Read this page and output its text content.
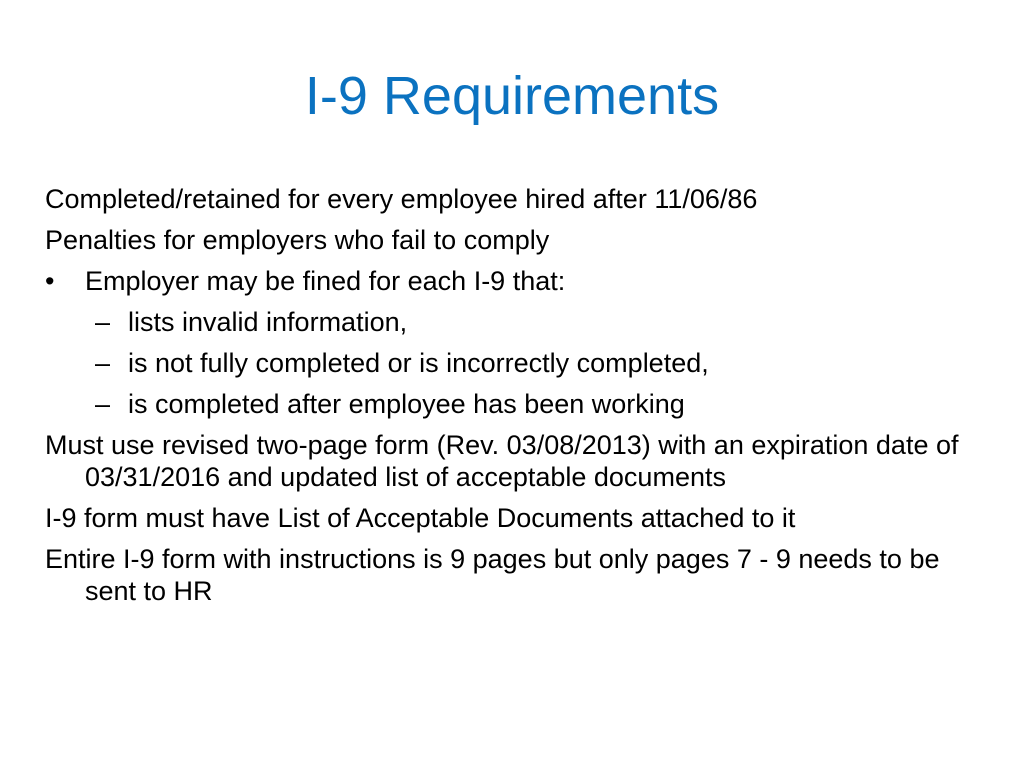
I-9 Requirements
Completed/retained for every employee hired after 11/06/86
Penalties for employers who fail to comply
• Employer may be fined for each I-9 that:
– lists invalid information,
– is not fully completed or is incorrectly completed,
– is completed after employee has been working
Must use revised two-page form (Rev. 03/08/2013) with an expiration date of 03/31/2016 and updated list of acceptable documents
I-9 form must have List of Acceptable Documents attached to it
Entire I-9 form with instructions is 9 pages but only pages 7 - 9 needs to be sent to HR
